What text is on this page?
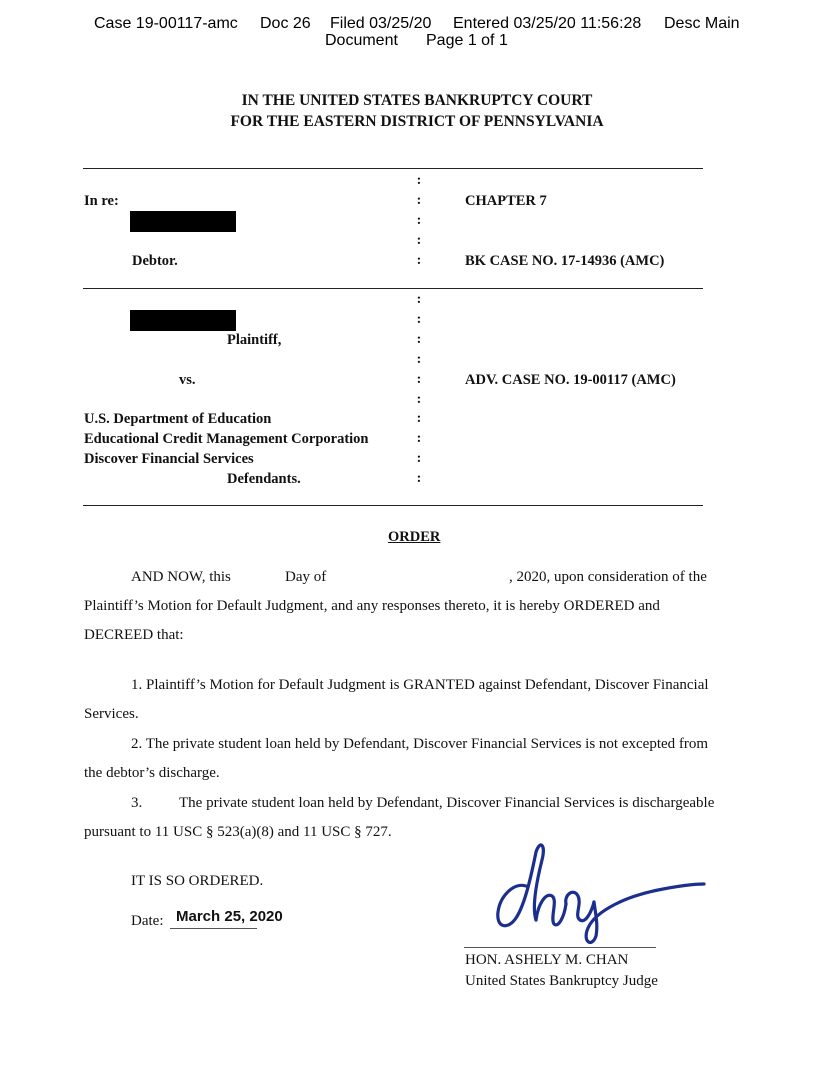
Case 19-00117-amc Doc 26 Filed 03/25/20 Entered 03/25/20 11:56:28 Desc Main
Document Page 1 of 1
IN THE UNITED STATES BANKRUPTCY COURT
FOR THE EASTERN DISTRICT OF PENNSYLVANIA
In re:
Debtor.
CHAPTER 7
BK CASE NO. 17-14936 (AMC)
:
:
:
:
:
Plaintiff,
vs.
U.S. Department of Education
Educational Credit Management Corporation
Discover Financial Services
Defendants.
ADV. CASE NO. 19-00117 (AMC)
:
:
:
:
:
:
:
:
:
:
ORDER
AND NOW, this	Day of	, 2020, upon consideration of the
Plaintiff’s Motion for Default Judgment, and any responses thereto, it is hereby ORDERED and
DECREED that:
1. Plaintiff’s Motion for Default Judgment is GRANTED against Defendant, Discover Financial
Services.
2. The private student loan held by Defendant, Discover Financial Services is not excepted from
the debtor’s discharge.
3. The private student loan held by Defendant, Discover Financial Services is dischargeable
pursuant to 11 USC § 523(a)(8) and 11 USC § 727.
IT IS SO ORDERED.
Date: March 25, 2020
HON. ASHELY M. CHAN
United States Bankruptcy Judge
